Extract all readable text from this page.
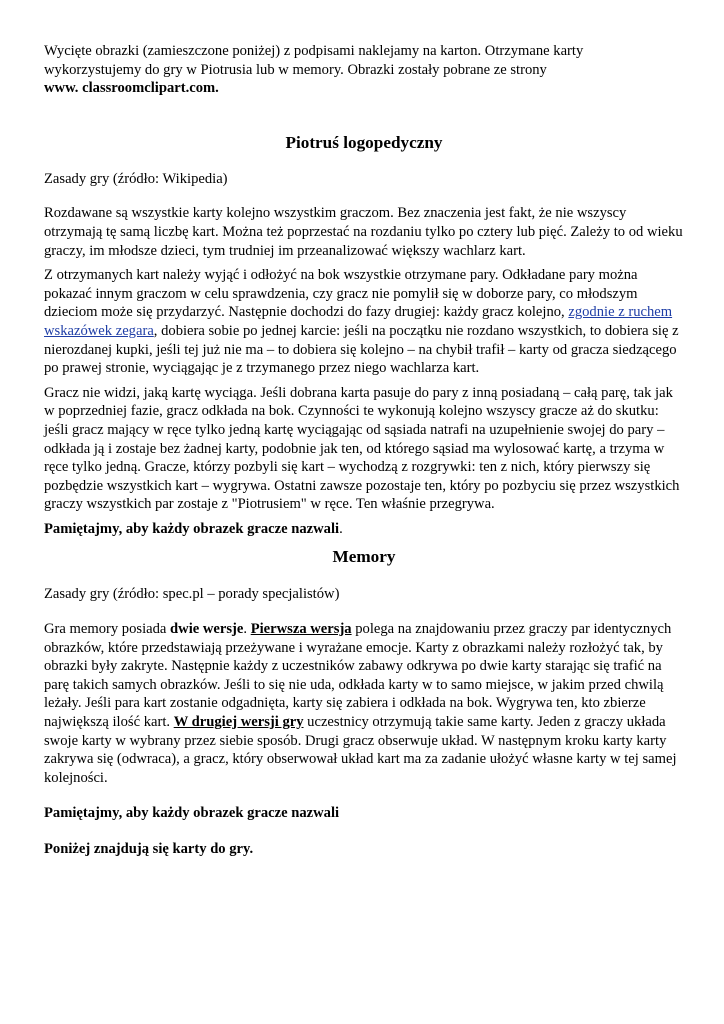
Wycięte obrazki (zamieszczone poniżej) z podpisami naklejamy na karton. Otrzymane karty wykorzystujemy do gry w Piotrusia lub w memory. Obrazki zostały pobrane ze strony
www. classroomclipart.com.

Piotruś logopedyczny

Zasady gry (źródło: Wikipedia)

Rozdawane są wszystkie karty kolejno wszystkim graczom. Bez znaczenia jest fakt, że nie wszyscy otrzymają tę samą liczbę kart. Można też poprzestać na rozdaniu tylko po cztery lub pięć. Zależy to od wieku graczy, im młodsze dzieci, tym trudniej im przeanalizować większy wachlarz kart.

Z otrzymanych kart należy wyjąć i odłożyć na bok wszystkie otrzymane pary. Odkładane pary można pokazać innym graczom w celu sprawdzenia, czy gracz nie pomylił się w doborze pary, co młodszym dzieciom może się przydarzyć. Następnie dochodzi do fazy drugiej: każdy gracz kolejno, zgodnie z ruchem wskazówek zegara, dobiera sobie po jednej karcie: jeśli na początku nie rozdano wszystkich, to dobiera się z nierozdanej kupki, jeśli tej już nie ma – to dobiera się kolejno – na chybił trafił – karty od gracza siedzącego po prawej stronie, wyciągając je z trzymanego przez niego wachlarza kart.

Gracz nie widzi, jaką kartę wyciąga. Jeśli dobrana karta pasuje do pary z inną posiadaną – całą parę, tak jak w poprzedniej fazie, gracz odkłada na bok. Czynności te wykonują kolejno wszyscy gracze aż do skutku: jeśli gracz mający w ręce tylko jedną kartę wyciągając od sąsiada natrafi na uzupełnienie swojej do pary – odkłada ją i zostaje bez żadnej karty, podobnie jak ten, od którego sąsiad ma wylosować kartę, a trzyma w ręce tylko jedną. Gracze, którzy pozbyli się kart – wychodzą z rozgrywki: ten z nich, który pierwszy się pozbędzie wszystkich kart – wygrywa. Ostatni zawsze pozostaje ten, który po pozbyciu się przez wszystkich graczy wszystkich par zostaje z "Piotrusiem" w ręce. Ten właśnie przegrywa.

Pamiętajmy, aby każdy obrazek gracze nazwali.

Memory

Zasady gry (źródło: spec.pl – porady specjalistów)

Gra memory posiada dwie wersje. Pierwsza wersja polega na znajdowaniu przez graczy par identycznych obrazków, które przedstawiają przeżywane i wyrażane emocje. Karty z obrazkami należy rozłożyć tak, by obrazki były zakryte. Następnie każdy z uczestników zabawy odkrywa po dwie karty starając się trafić na parę takich samych obrazków. Jeśli to się nie uda, odkłada karty w to samo miejsce, w jakim przed chwilą leżały. Jeśli para kart zostanie odgadnięta, karty się zabiera i odkłada na bok. Wygrywa ten, kto zbierze największą ilość kart. W drugiej wersji gry uczestnicy otrzymują takie same karty. Jeden z graczy układa swoje karty w wybrany przez siebie sposób. Drugi gracz obserwuje układ. W następnym kroku karty karty zakrywa się (odwraca), a gracz, który obserwował układ kart ma za zadanie ułożyć własne karty w tej samej kolejności.

Pamiętajmy, aby każdy obrazek gracze nazwali

Poniżej znajdują się karty do gry.
